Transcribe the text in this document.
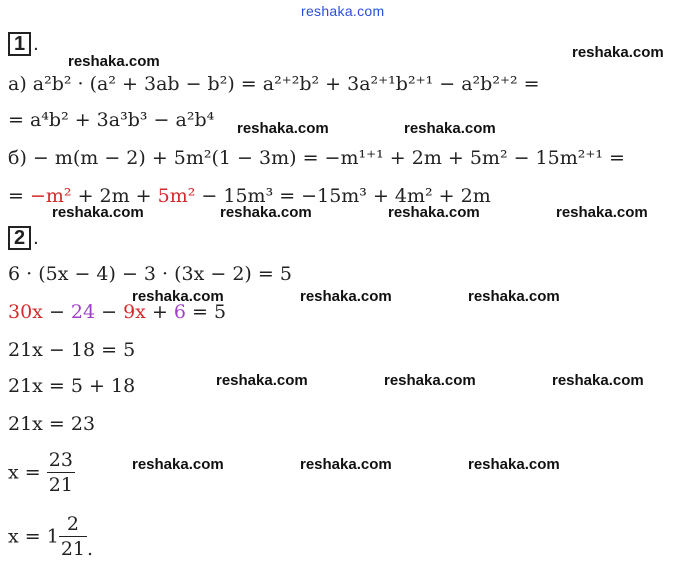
reshaka.com
1 .
reshaka.com
reshaka.com
а) a²b² · (a² + 3ab − b²) = a²⁺²b² + 3a²⁺¹b²⁺¹ − a²b²⁺² =
= a⁴b² + 3a³b³ − a²b⁴ reshaka.com	reshaka.com
б) − m(m − 2) + 5m²(1 − 3m) = −m¹⁺¹ + 2m + 5m² − 15m²⁺¹ =
= −m² + 2m + 5m² − 15m³ = −15m³ + 4m² + 2m
reshaka.com	reshaka.com	reshaka.com	reshaka.com
2 .
6 · (5x − 4) − 3 · (3x − 2) = 5
reshaka.com	reshaka.com	reshaka.com
30x − 24 − 9x + 6 = 5
21x − 18 = 5
21x = 5 + 18	reshaka.com	reshaka.com	reshaka.com
21x = 23
$x = \frac{23}{21}$	reshaka.com	reshaka.com	reshaka.com
$x = 1 \frac{2}{21}$ .
